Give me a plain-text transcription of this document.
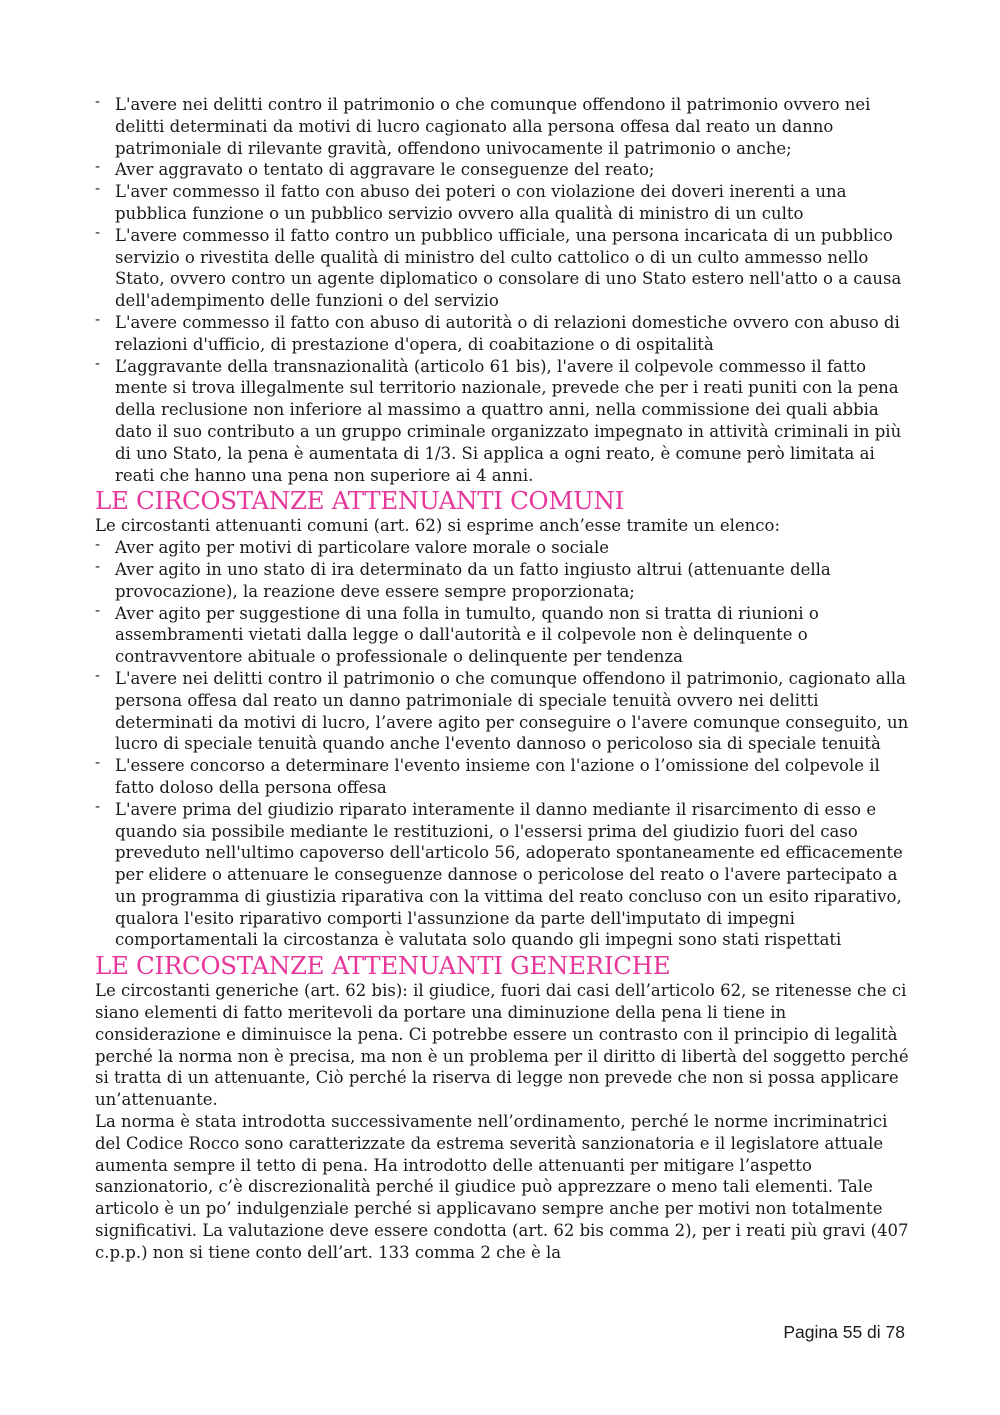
- L'avere nei delitti contro il patrimonio o che comunque offendono il patrimonio ovvero nei delitti determinati da motivi di lucro cagionato alla persona offesa dal reato un danno patrimoniale di rilevante gravità, offendono univocamente il patrimonio o anche;
- Aver aggravato o tentato di aggravare le conseguenze del reato;
- L'aver commesso il fatto con abuso dei poteri o con violazione dei doveri inerenti a una pubblica funzione o un pubblico servizio ovvero alla qualità di ministro di un culto
- L'avere commesso il fatto contro un pubblico ufficiale, una persona incaricata di un pubblico servizio o rivestita delle qualità di ministro del culto cattolico o di un culto ammesso nello Stato, ovvero contro un agente diplomatico o consolare di uno Stato estero nell'atto o a causa dell'adempimento delle funzioni o del servizio
- L'avere commesso il fatto con abuso di autorità o di relazioni domestiche ovvero con abuso di relazioni d'ufficio, di prestazione d'opera, di coabitazione o di ospitalità
- L’aggravante della transnazionalità (articolo 61 bis), l'avere il colpevole commesso il fatto mente si trova illegalmente sul territorio nazionale, prevede che per i reati puniti con la pena della reclusione non inferiore al massimo a quattro anni, nella commissione dei quali abbia dato il suo contributo a un gruppo criminale organizzato impegnato in attività criminali in più di uno Stato, la pena è aumentata di 1/3. Si applica a ogni reato, è comune però limitata ai reati che hanno una pena non superiore ai 4 anni.
LE CIRCOSTANZE ATTENUANTI COMUNI

Le circostanti attenuanti comuni (art. 62) si esprime anch’esse tramite un elenco:

- Aver agito per motivi di particolare valore morale o sociale
- Aver agito in uno stato di ira determinato da un fatto ingiusto altrui (attenuante della provocazione), la reazione deve essere sempre proporzionata;
- Aver agito per suggestione di una folla in tumulto, quando non si tratta di riunioni o assembramenti vietati dalla legge o dall'autorità e il colpevole non è delinquente o contravventore abituale o professionale o delinquente per tendenza
- L'avere nei delitti contro il patrimonio o che comunque offendono il patrimonio, cagionato alla persona offesa dal reato un danno patrimoniale di speciale tenuità ovvero nei delitti determinati da motivi di lucro, l’avere agito per conseguire o l'avere comunque conseguito, un lucro di speciale tenuità quando anche l'evento dannoso o pericoloso sia di speciale tenuità
- L'essere concorso a determinare l'evento insieme con l'azione o l’omissione del colpevole il fatto doloso della persona offesa
- L'avere prima del giudizio riparato interamente il danno mediante il risarcimento di esso e quando sia possibile mediante le restituzioni, o l'essersi prima del giudizio fuori del caso preveduto nell'ultimo capoverso dell'articolo 56, adoperato spontaneamente ed efficacemente per elidere o attenuare le conseguenze dannose o pericolose del reato o l'avere partecipato a un programma di giustizia riparativa con la vittima del reato concluso con un esito riparativo, qualora l'esito riparativo comporti l'assunzione da parte dell'imputato di impegni comportamentali la circostanza è valutata solo quando gli impegni sono stati rispettati
LE CIRCOSTANZE ATTENUANTI GENERICHE

Le circostanti generiche (art. 62 bis): il giudice, fuori dai casi dell’articolo 62, se ritenesse che ci siano elementi di fatto meritevoli da portare una diminuzione della pena li tiene in considerazione e diminuisce la pena. Ci potrebbe essere un contrasto con il principio di legalità perché la norma non è precisa, ma non è un problema per il diritto di libertà del soggetto perché si tratta di un attenuante, Ciò perché la riserva di legge non prevede che non si possa applicare un’attenuante.

La norma è stata introdotta successivamente nell’ordinamento, perché le norme incriminatrici del Codice Rocco sono caratterizzate da estrema severità sanzionatoria e il legislatore attuale aumenta sempre il tetto di pena. Ha introdotto delle attenuanti per mitigare l’aspetto sanzionatorio, c’è discrezionalità perché il giudice può apprezzare o meno tali elementi. Tale articolo è un po’ indulgenziale perché si applicavano sempre anche per motivi non totalmente significativi. La valutazione deve essere condotta (art. 62 bis comma 2), per i reati più gravi (407 c.p.p.) non si tiene conto dell’art. 133 comma 2 che è la

Pagina 55 di 78
